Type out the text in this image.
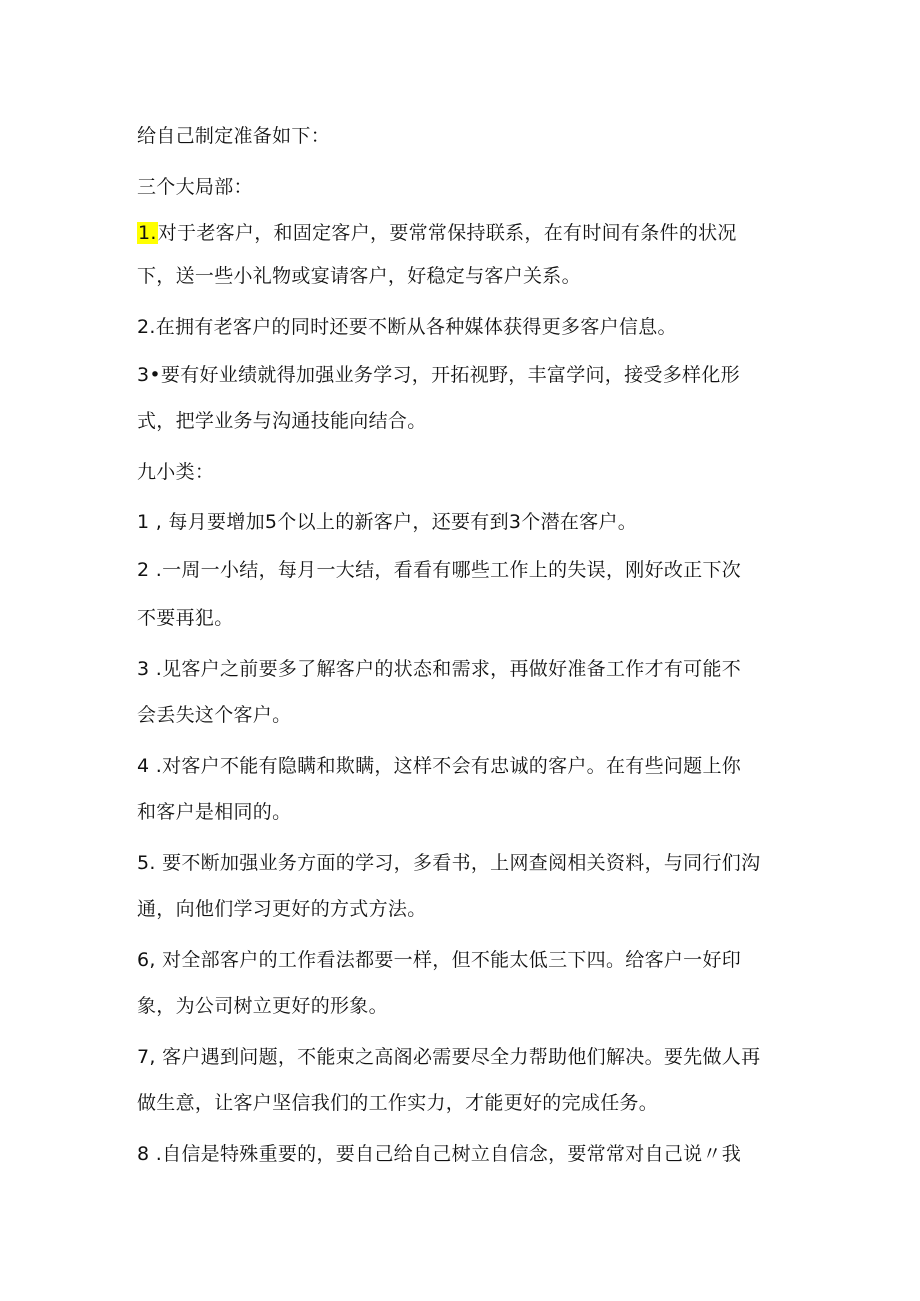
给自己制定准备如下：
三个大局部：
1.对于老客户，和固定客户，要常常保持联系，在有时间有条件的状况
下，送一些小礼物或宴请客户，好稳定与客户关系。
2.在拥有老客户的同时还要不断从各种媒体获得更多客户信息。
3•要有好业绩就得加强业务学习，开拓视野，丰富学问，接受多样化形
式，把学业务与沟通技能向结合。
九小类：
1 , 每月要增加5个以上的新客户，还要有到3个潜在客户。
2 .一周一小结，每月一大结，看看有哪些工作上的失误，刚好改正下次
不要再犯。
3 .见客户之前要多了解客户的状态和需求，再做好准备工作才有可能不
会丢失这个客户。
4 .对客户不能有隐瞒和欺瞒，这样不会有忠诚的客户。在有些问题上你
和客户是相同的。
5. 要不断加强业务方面的学习，多看书，上网查阅相关资料，与同行们沟
通，向他们学习更好的方式方法。
6, 对全部客户的工作看法都要一样，但不能太低三下四。给客户一好印
象，为公司树立更好的形象。
7, 客户遇到问题，不能束之高阁必需要尽全力帮助他们解决。要先做人再
做生意，让客户坚信我们的工作实力，才能更好的完成任务。
8 .自信是特殊重要的，要自己给自己树立自信念，要常常对自己说〃我
